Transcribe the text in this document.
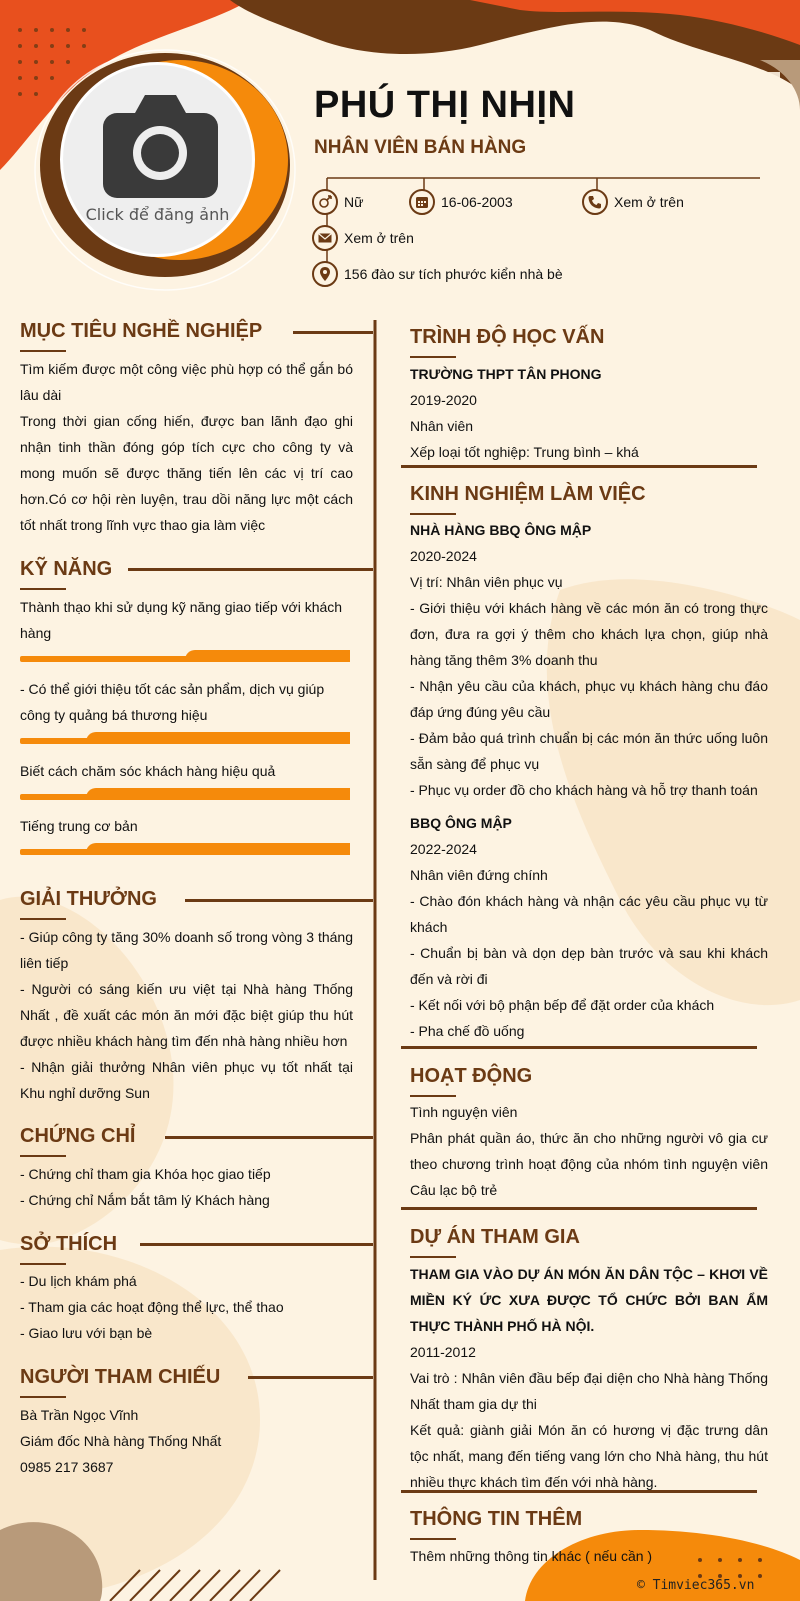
Click để đăng ảnh
PHÚ THỊ NHỊN
NHÂN VIÊN BÁN HÀNG
Nữ	16-06-2003	Xem ở trên
Xem ở trên
156 đào sư tích phước kiển nhà bè
MỤC TIÊU NGHỀ NGHIỆP

Tìm kiếm được một công việc phù hợp có thể gắn bó lâu dài

Trong thời gian cống hiến, được ban lãnh đạo ghi nhận tinh thần đóng góp tích cực cho công ty và mong muốn sẽ được thăng tiến lên các vị trí cao hơn.Có cơ hội rèn luyện, trau dồi năng lực một cách tốt nhất trong lĩnh vực thao gia làm việc

KỸ NĂNG
Thành thạo khi sử dụng kỹ năng giao tiếp với khách hàng
- Có thể giới thiệu tốt các sản phẩm, dịch vụ giúp công ty quảng bá thương hiệu
Biết cách chăm sóc khách hàng hiệu quả
Tiếng trung cơ bản
GIẢI THƯỞNG

- Giúp công ty tăng 30% doanh số trong vòng 3 tháng liên tiếp

- Người có sáng kiến ưu việt tại Nhà hàng Thống Nhất , đề xuất các món ăn mới đặc biệt giúp thu hút được nhiều khách hàng tìm đến nhà hàng nhiều hơn

- Nhận giải thưởng Nhân viên phục vụ tốt nhất tại Khu nghỉ dưỡng Sun

CHỨNG CHỈ

- Chứng chỉ tham gia Khóa học giao tiếp

- Chứng chỉ Nắm bắt tâm lý Khách hàng

SỞ THÍCH

- Du lịch khám phá

- Tham gia các hoạt động thể lực, thể thao

- Giao lưu với bạn bè

NGƯỜI THAM CHIẾU

Bà Trần Ngọc Vĩnh

Giám đốc Nhà hàng Thống Nhất

0985 217 3687

TRÌNH ĐỘ HỌC VẤN

TRƯỜNG THPT TÂN PHONG

2019-2020

Nhân viên

Xếp loại tốt nghiệp: Trung bình – khá

KINH NGHIỆM LÀM VIỆC

NHÀ HÀNG BBQ ÔNG MẬP

2020-2024

Vị trí: Nhân viên phục vụ

- Giới thiệu với khách hàng về các món ăn có trong thực đơn, đưa ra gợi ý thêm cho khách lựa chọn, giúp nhà hàng tăng thêm 3% doanh thu

- Nhận yêu cầu của khách, phục vụ khách hàng chu đáo đáp ứng đúng yêu cầu

- Đảm bảo quá trình chuẩn bị các món ăn thức uống luôn sẵn sàng để phục vụ

- Phục vụ order đồ cho khách hàng và hỗ trợ thanh toán

BBQ ÔNG MẬP

2022-2024

Nhân viên đứng chính

- Chào đón khách hàng và nhận các yêu cầu phục vụ từ khách

- Chuẩn bị bàn và dọn dẹp bàn trước và sau khi khách đến và rời đi

- Kết nối với bộ phận bếp để đặt order của khách

- Pha chế đồ uống

HOẠT ĐỘNG

Tình nguyện viên

Phân phát quần áo, thức ăn cho những người vô gia cư theo chương trình hoạt động của nhóm tình nguyện viên Câu lạc bộ trẻ

DỰ ÁN THAM GIA

THAM GIA VÀO DỰ ÁN MÓN ĂN DÂN TỘC – KHƠI VỀ MIỀN KÝ ỨC XƯA ĐƯỢC TỔ CHỨC BỞI BAN ẨM THỰC THÀNH PHỐ HÀ NỘI.

2011-2012

Vai trò : Nhân viên đầu bếp đại diện cho Nhà hàng Thống Nhất tham gia dự thi

Kết quả: giành giải Món ăn có hương vị đặc trưng dân tộc nhất, mang đến tiếng vang lớn cho Nhà hàng, thu hút nhiều thực khách tìm đến với nhà hàng.

THÔNG TIN THÊM
Thêm những thông tin khác ( nếu cần )
© Timviec365.vn
